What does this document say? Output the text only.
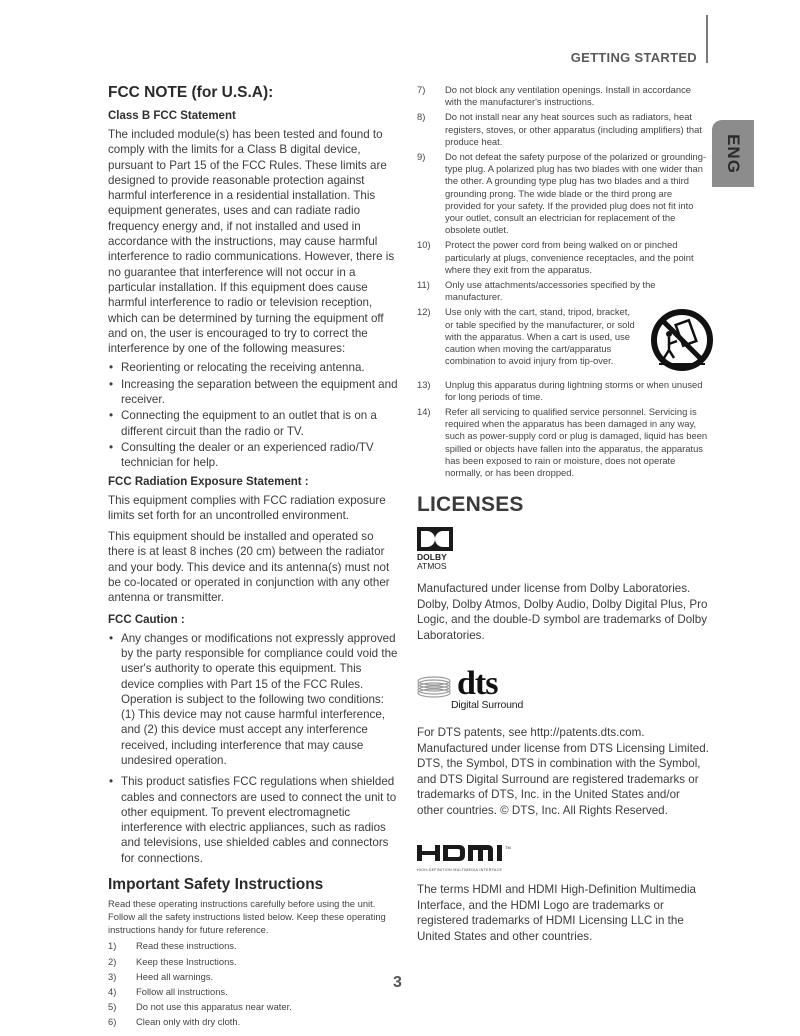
GETTING STARTED
ENG
FCC NOTE (for U.S.A):
Class B FCC Statement

The included module(s) has been tested and found to comply with the limits for a Class B digital device, pursuant to Part 15 of the FCC Rules. These limits are designed to provide reasonable protection against harmful interference in a residential installation. This equipment generates, uses and can radiate radio frequency energy and, if not installed and used in accordance with the instructions, may cause harmful interference to radio communications. However, there is no guarantee that interference will not occur in a particular installation. If this equipment does cause harmful interference to radio or television reception, which can be determined by turning the equipment off and on, the user is encouraged to try to correct the interference by one of the following measures:

• Reorienting or relocating the receiving antenna.
• Increasing the separation between the equipment and receiver.
• Connecting the equipment to an outlet that is on a different circuit than the radio or TV.
• Consulting the dealer or an experienced radio/TV technician for help.
FCC Radiation Exposure Statement :

This equipment complies with FCC radiation exposure limits set forth for an uncontrolled environment.

This equipment should be installed and operated so there is at least 8 inches (20 cm) between the radiator and your body. This device and its antenna(s) must not be co-located or operated in conjunction with any other antenna or transmitter.

FCC Caution :
• Any changes or modifications not expressly approved by the party responsible for compliance could void the user's authority to operate this equipment. This device complies with Part 15 of the FCC Rules. Operation is subject to the following two conditions: (1) This device may not cause harmful interference, and (2) this device must accept any interference received, including interference that may cause undesired operation.
• This product satisfies FCC regulations when shielded cables and connectors are used to connect the unit to other equipment. To prevent electromagnetic interference with electric appliances, such as radios and televisions, use shielded cables and connectors for connections.
Important Safety Instructions

Read these operating instructions carefully before using the unit. Follow all the safety instructions listed below. Keep these operating instructions handy for future reference.

1)	Read these instructions.
2)	Keep these Instructions.
3)	Heed all warnings.
4)	Follow all instructions.
5)	Do not use this apparatus near water.
6)	Clean only with dry cloth.
7)	Do not block any ventilation openings. Install in accordance with the manufacturer's instructions.
8)	Do not install near any heat sources such as radiators, heat registers, stoves, or other apparatus (including amplifiers) that produce heat.
9)	Do not defeat the safety purpose of the polarized or grounding-type plug. A polarized plug has two blades with one wider than the other. A grounding type plug has two blades and a third grounding prong. The wide blade or the third prong are provided for your safety. If the provided plug does not fit into your outlet, consult an electrician for replacement of the obsolete outlet.
10)	Protect the power cord from being walked on or pinched particularly at plugs, convenience receptacles, and the point where they exit from the apparatus.
11)	Only use attachments/accessories specified by the manufacturer.
12)	Use only with the cart, stand, tripod, bracket, or table specified by the manufacturer, or sold with the apparatus. When a cart is used, use caution when moving the cart/apparatus combination to avoid injury from tip-over.
13)	Unplug this apparatus during lightning storms or when unused for long periods of time.
14)	Refer all servicing to qualified service personnel. Servicing is required when the apparatus has been damaged in any way, such as power-supply cord or plug is damaged, liquid has been spilled or objects have fallen into the apparatus, the apparatus has been exposed to rain or moisture, does not operate normally, or has been dropped.
LICENSES
DOLBY
ATMOS

Manufactured under license from Dolby Laboratories. Dolby, Dolby Atmos, Dolby Audio, Dolby Digital Plus, Pro Logic, and the double-D symbol are trademarks of Dolby Laboratories.

dts
Digital Surround

For DTS patents, see http://patents.dts.com. Manufactured under license from DTS Licensing Limited. DTS, the Symbol, DTS in combination with the Symbol, and DTS Digital Surround are registered trademarks or trademarks of DTS, Inc. in the United States and/or other countries. © DTS, Inc. All Rights Reserved.

TM
HIGH-DEFINITION MULTIMEDIA INTERFACE

The terms HDMI and HDMI High-Definition Multimedia Interface, and the HDMI Logo are trademarks or registered trademarks of HDMI Licensing LLC in the United States and other countries.

3
